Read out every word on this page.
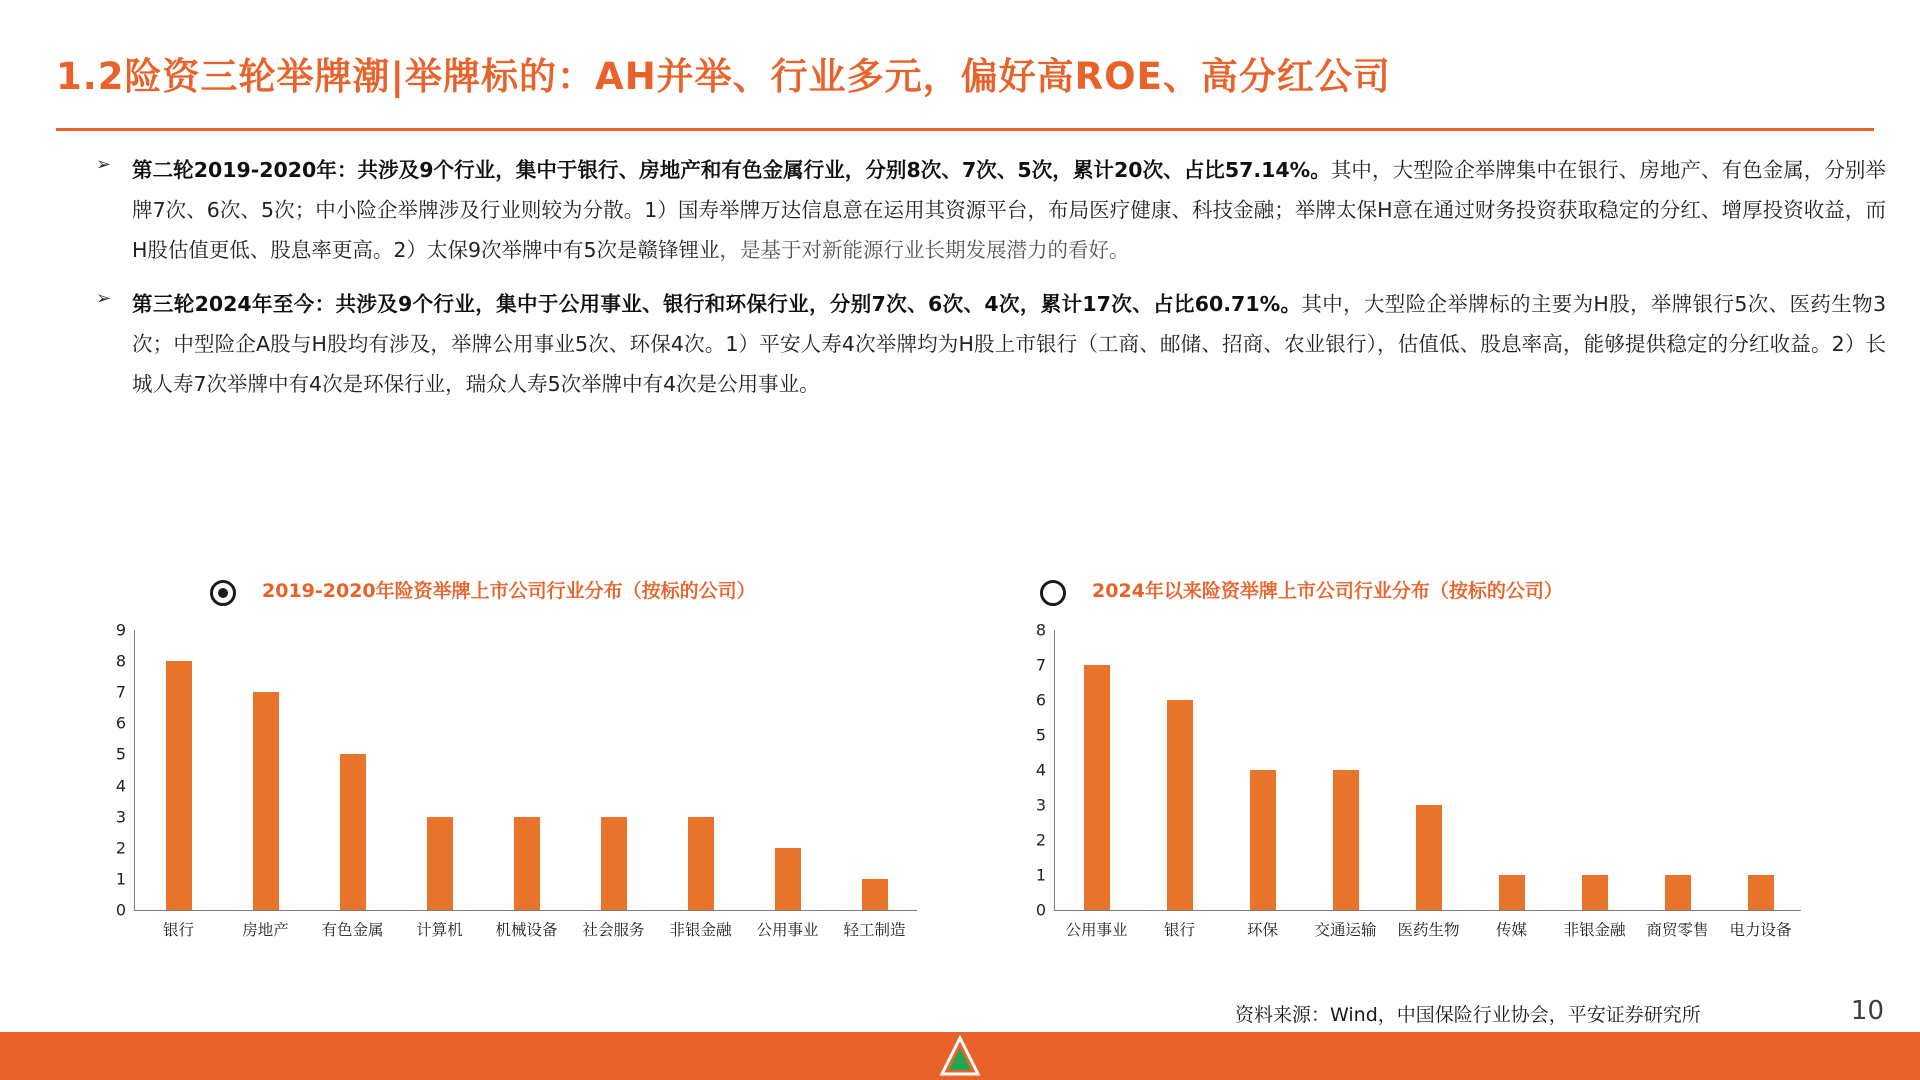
1.2险资三轮举牌潮|举牌标的：AH并举、行业多元，偏好高ROE、高分红公司
➢	第二轮2019-2020年：共涉及9个行业，集中于银行、房地产和有色金属行业，分别8次、7次、5次，累计20次、占比57.14%。其中，大型险企举牌集中在银行、房地产、有色金属，分别举牌7次、6次、5次；中小险企举牌涉及行业则较为分散。1）国寿举牌万达信息意在运用其资源平台，布局医疗健康、科技金融；举牌太保H意在通过财务投资获取稳定的分红、增厚投资收益，而H股估值更低、股息率更高。2）太保9次举牌中有5次是赣锋锂业，是基于对新能源行业长期发展潜力的看好。
➢	第三轮2024年至今：共涉及9个行业，集中于公用事业、银行和环保行业，分别7次、6次、4次，累计17次、占比60.71%。其中，大型险企举牌标的主要为H股，举牌银行5次、医药生物3次；中型险企A股与H股均有涉及，举牌公用事业5次、环保4次。1）平安人寿4次举牌均为H股上市银行（工商、邮储、招商、农业银行），估值低、股息率高，能够提供稳定的分红收益。2）长城人寿7次举牌中有4次是环保行业，瑞众人寿5次举牌中有4次是公用事业。
2019-2020年险资举牌上市公司行业分布（按标的公司）
0
1
2
3
4
5
6
7
8
9
银行	房地产	有色金属	计算机	机械设备	社会服务	非银金融	公用事业	轻工制造
2024年以来险资举牌上市公司行业分布（按标的公司）
0
1
2
3
4
5
6
7
8
公用事业	银行	环保	交通运输	医药生物	传媒	非银金融	商贸零售	电力设备
资料来源：Wind，中国保险行业协会，平安证券研究所	10
